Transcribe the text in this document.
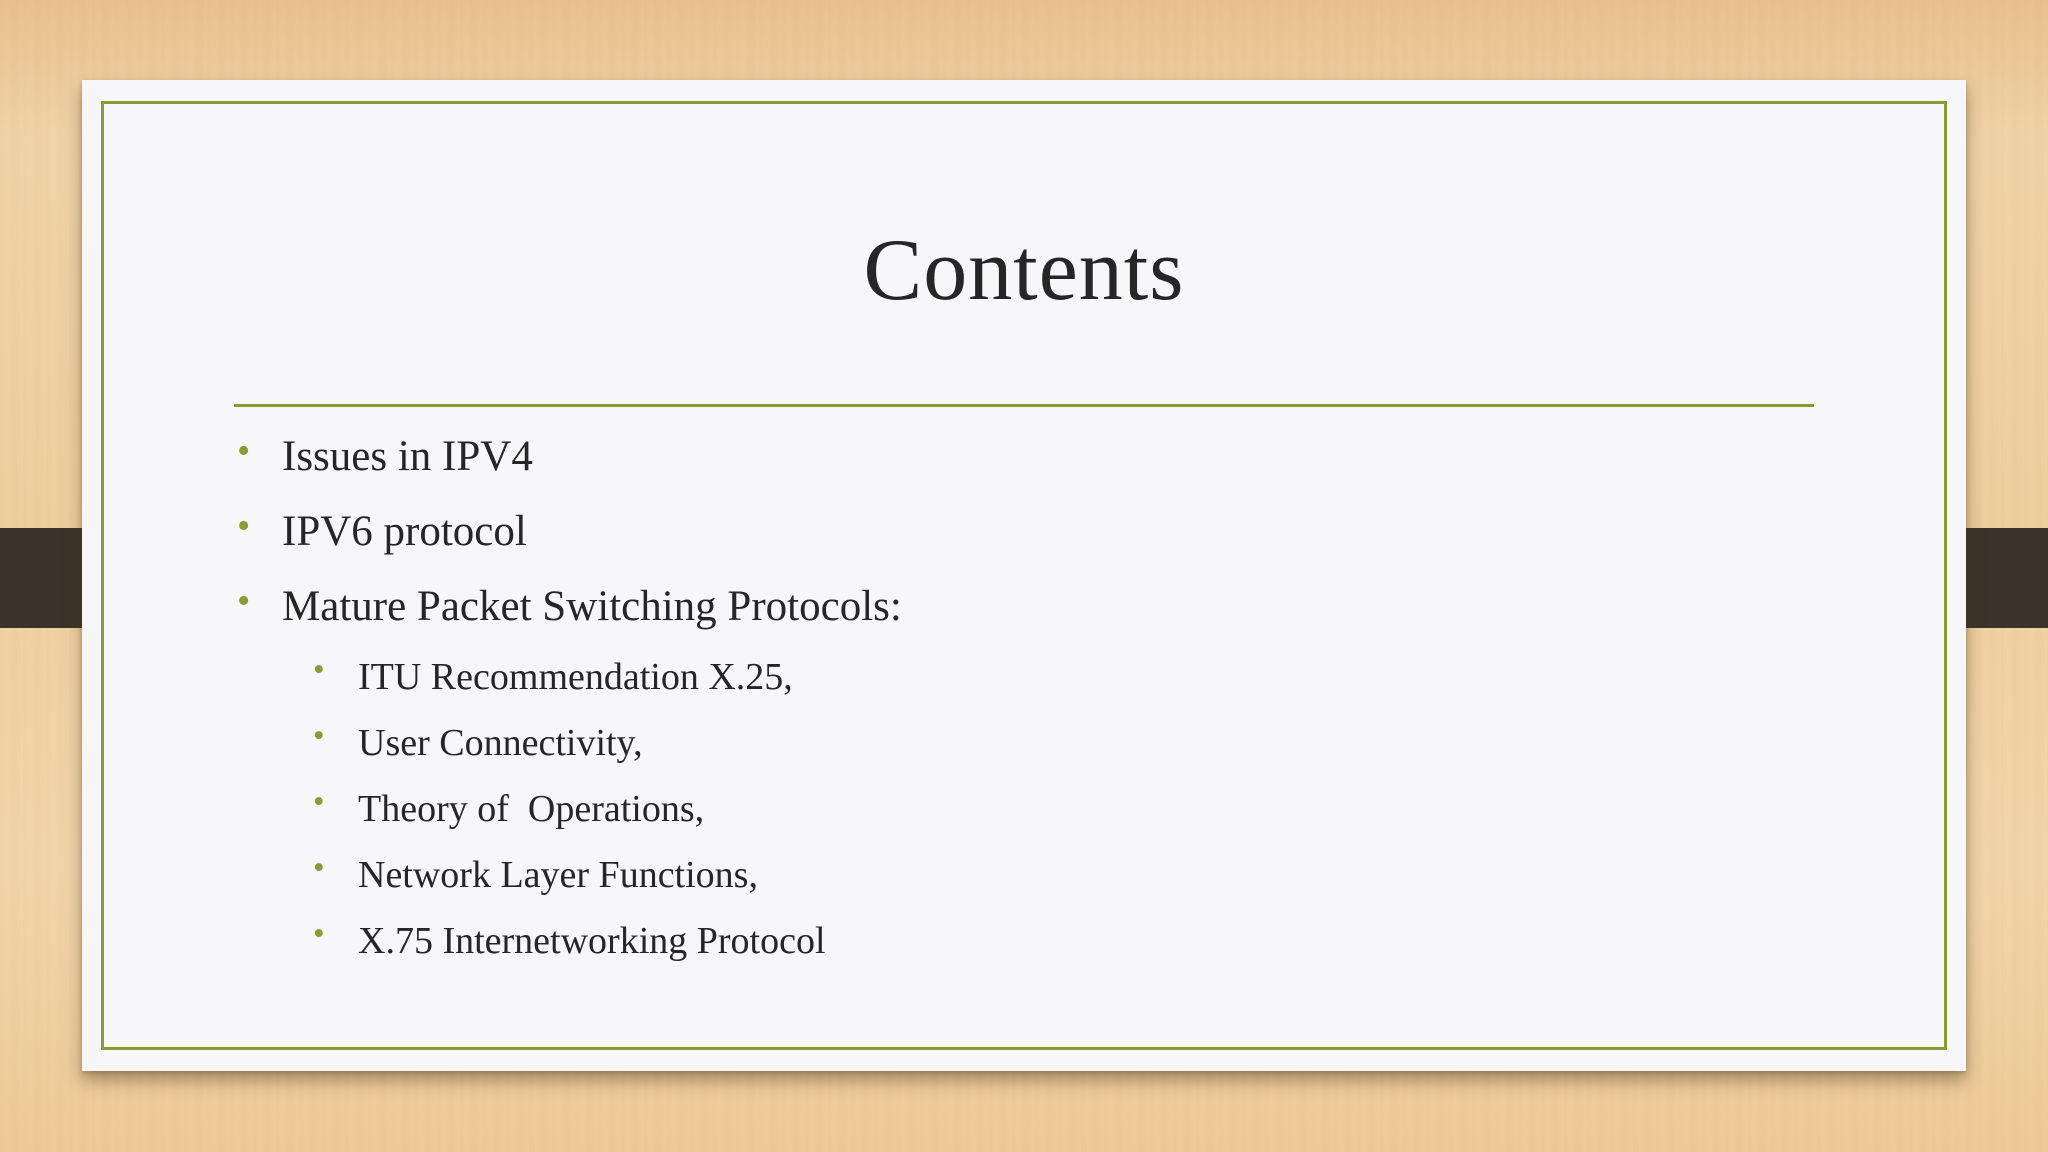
Contents
• Issues in IPV4
• IPV6 protocol
• Mature Packet Switching Protocols:
• ITU Recommendation X.25,
• User Connectivity,
• Theory of  Operations,
• Network Layer Functions,
• X.75 Internetworking Protocol
